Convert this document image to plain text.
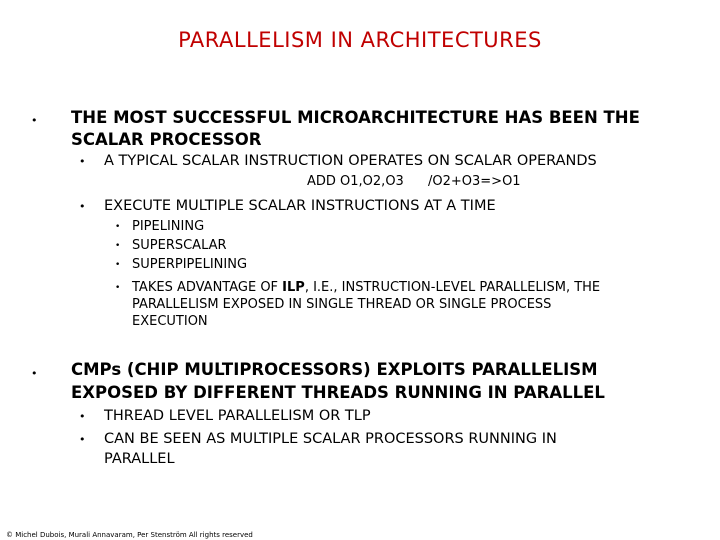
PARALLELISM IN ARCHITECTURES
• THE MOST SUCCESSFUL MICROARCHITECTURE HAS BEEN THE
SCALAR PROCESSOR
• A TYPICAL SCALAR INSTRUCTION OPERATES ON SCALAR OPERANDS
ADD O1,O2,O3 /O2+O3=>O1
• EXECUTE MULTIPLE SCALAR INSTRUCTIONS AT A TIME
• PIPELINING
• SUPERSCALAR
• SUPERPIPELINING
• TAKES ADVANTAGE OF ILP, I.E., INSTRUCTION-LEVEL PARALLELISM, THE
PARALLELISM EXPOSED IN SINGLE THREAD OR SINGLE PROCESS
EXECUTION
• CMPs (CHIP MULTIPROCESSORS) EXPLOITS PARALLELISM
EXPOSED BY DIFFERENT THREADS RUNNING IN PARALLEL
• THREAD LEVEL PARALLELISM OR TLP
• CAN BE SEEN AS MULTIPLE SCALAR PROCESSORS RUNNING IN
PARALLEL
© Michel Dubois, Murali Annavaram, Per Stenström All rights reserved
